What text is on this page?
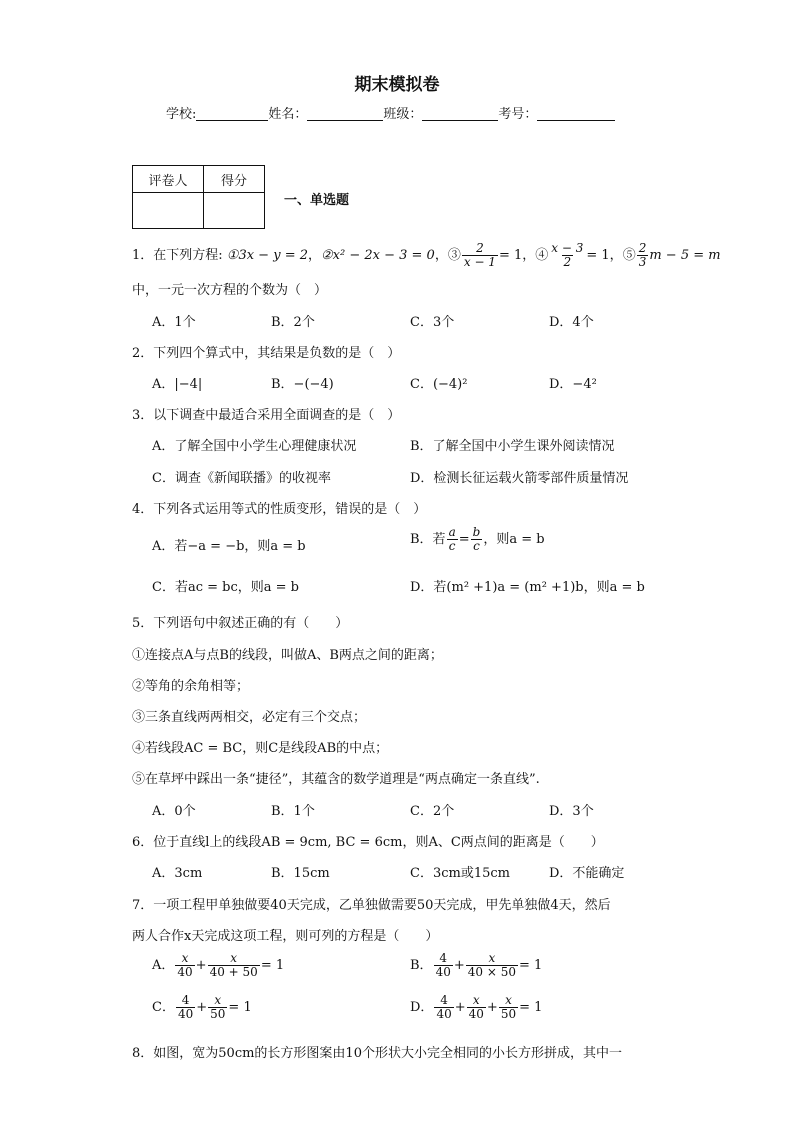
期末模拟卷
学校:	姓名：	班级：	考号：
评卷人	得分

一、单选题
1．在下列方程: ①3x − y = 2，②x² − 2x − 3 = 0，③ $\frac{2}{x - 1} = 1$，④ $\frac{x - 3}{2} = 1$，⑤ $\frac{2}{3}$ m − 5 = m
中，一元一次方程的个数为（　）
A．1个	B．2个	C．3个	D．4个
2．下列四个算式中，其结果是负数的是（　）
A．|−4|	B．−(−4)	C．(−4)²	D．−4²
3．以下调查中最适合采用全面调查的是（　）
A．了解全国中小学生心理健康状况	B．了解全国中小学生课外阅读情况
C．调查《新闻联播》的收视率	D．检测长征运载火箭零部件质量情况
4．下列各式运用等式的性质变形，错误的是（　）
A．若−a = −b，则a = b	B．若 $\frac{a}{c} = \frac{b}{c}$ ，则a = b
C．若ac = bc，则a = b	D．若(m² +1)a = (m² +1)b，则a = b
5．下列语句中叙述正确的有（　　）
①连接点A与点B的线段，叫做A、B两点之间的距离；
②等角的余角相等；
③三条直线两两相交，必定有三个交点；
④若线段AC = BC，则C是线段AB的中点；
⑤在草坪中踩出一条“捷径”，其蕴含的数学道理是“两点确定一条直线”.
A．0个	B．1个	C．2个	D．3个
6．位于直线l上的线段AB = 9cm, BC = 6cm，则A、C两点间的距离是（　　）
A．3cm	B．15cm	C．3cm或15cm	D．不能确定
7．一项工程甲单独做要40天完成，乙单独做需要50天完成，甲先单独做4天，然后
两人合作x天完成这项工程，则可列的方程是（　　）
A． $\frac{x}{40} + \frac{x}{40 + 50} = 1$	B． $\frac{4}{40} + \frac{x}{40 \times 50} = 1$
C． $\frac{4}{40} + \frac{x}{50} = 1$	D． $\frac{4}{40} + \frac{x}{40} + \frac{x}{50} = 1$
8．如图，宽为50cm的长方形图案由10个形状大小完全相同的小长方形拼成，其中一
